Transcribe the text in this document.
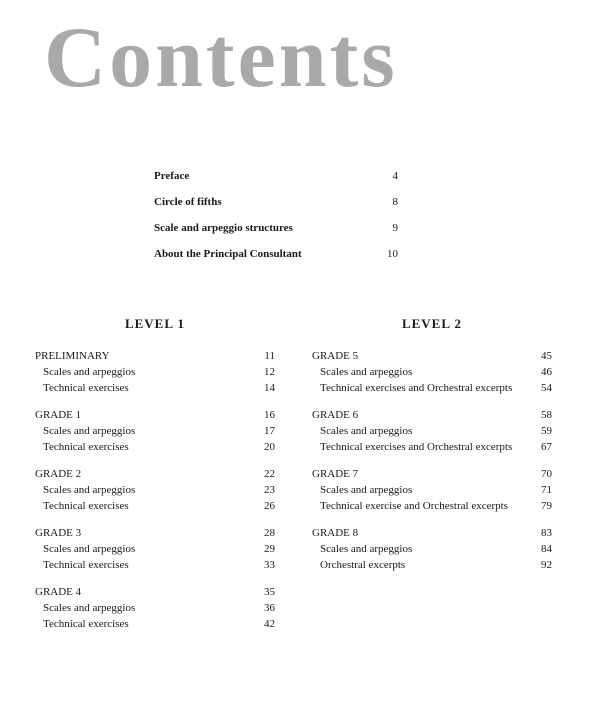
Contents
Preface	4
Circle of fifths	8
Scale and arpeggio structures	9
About the Principal Consultant	10
LEVEL 1
PRELIMINARY	11
Scales and arpeggios	12
Technical exercises	14
GRADE 1	16
Scales and arpeggios	17
Technical exercises	20
GRADE 2	22
Scales and arpeggios	23
Technical exercises	26
GRADE 3	28
Scales and arpeggios	29
Technical exercises	33
GRADE 4	35
Scales and arpeggios	36
Technical exercises	42
LEVEL 2
GRADE 5	45
Scales and arpeggios	46
Technical exercises and Orchestral excerpts	54
GRADE 6	58
Scales and arpeggios	59
Technical exercises and Orchestral excerpts	67
GRADE 7	70
Scales and arpeggios	71
Technical exercise and Orchestral excerpts	79
GRADE 8	83
Scales and arpeggios	84
Orchestral excerpts	92
